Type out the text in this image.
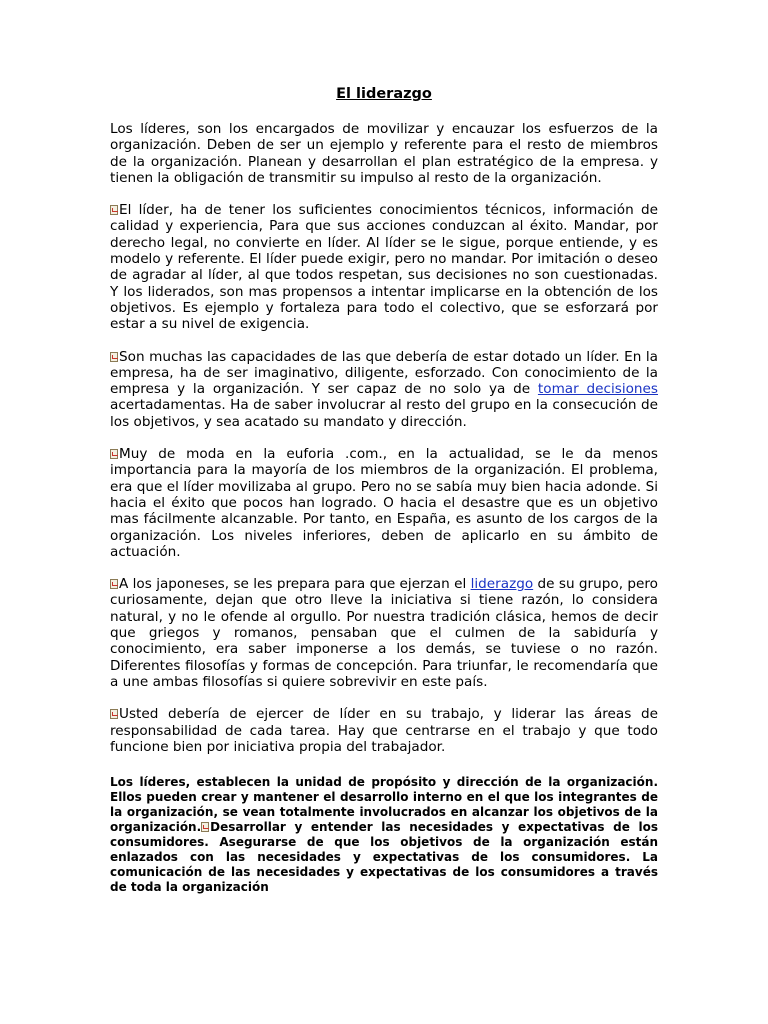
El liderazgo

Los líderes, son los encargados de movilizar y encauzar los esfuerzos de la organización. Deben de ser un ejemplo y referente para el resto de miembros de la organización. Planean y desarrollan el plan estratégico de la empresa. y tienen la obligación de transmitir su impulso al resto de la organización.

El líder, ha de tener los suficientes conocimientos técnicos, información de calidad y experiencia, Para que sus acciones conduzcan al éxito. Mandar, por derecho legal, no convierte en líder. Al líder se le sigue, porque entiende, y es modelo y referente. El líder puede exigir, pero no mandar. Por imitación o deseo de agradar al líder, al que todos respetan, sus decisiones no son cuestionadas. Y los liderados, son mas propensos a intentar implicarse en la obtención de los objetivos. Es ejemplo y fortaleza para todo el colectivo, que se esforzará por estar a su nivel de exigencia.

Son muchas las capacidades de las que debería de estar dotado un líder. En la empresa, ha de ser imaginativo, diligente, esforzado. Con conocimiento de la empresa y la organización. Y ser capaz de no solo ya de tomar decisiones acertadamentas. Ha de saber involucrar al resto del grupo en la consecución de los objetivos, y sea acatado su mandato y dirección.

Muy de moda en la euforia .com., en la actualidad, se le da menos importancia para la mayoría de los miembros de la organización. El problema, era que el líder movilizaba al grupo. Pero no se sabía muy bien hacia adonde. Si hacia el éxito que pocos han logrado. O hacia el desastre que es un objetivo mas fácilmente alcanzable. Por tanto, en España, es asunto de los cargos de la organización. Los niveles inferiores, deben de aplicarlo en su ámbito de actuación.

A los japoneses, se les prepara para que ejerzan el liderazgo de su grupo, pero curiosamente, dejan que otro lleve la iniciativa si tiene razón, lo considera natural, y no le ofende al orgullo. Por nuestra tradición clásica, hemos de decir que griegos y romanos, pensaban que el culmen de la sabiduría y conocimiento, era saber imponerse a los demás, se tuviese o no razón. Diferentes filosofías y formas de concepción. Para triunfar, le recomendaría que a une ambas filosofías si quiere sobrevivir en este país.

Usted debería de ejercer de líder en su trabajo, y liderar las áreas de responsabilidad de cada tarea. Hay que centrarse en el trabajo y que todo funcione bien por iniciativa propia del trabajador.

Los líderes, establecen la unidad de propósito y dirección de la organización. Ellos pueden crear y mantener el desarrollo interno en el que los integrantes de la organización, se vean totalmente involucrados en alcanzar los objetivos de la organización. Desarrollar y entender las necesidades y expectativas de los consumidores. Asegurarse de que los objetivos de la organización están enlazados con las necesidades y expectativas de los consumidores. La comunicación de las necesidades y expectativas de los consumidores a través de toda la organización
